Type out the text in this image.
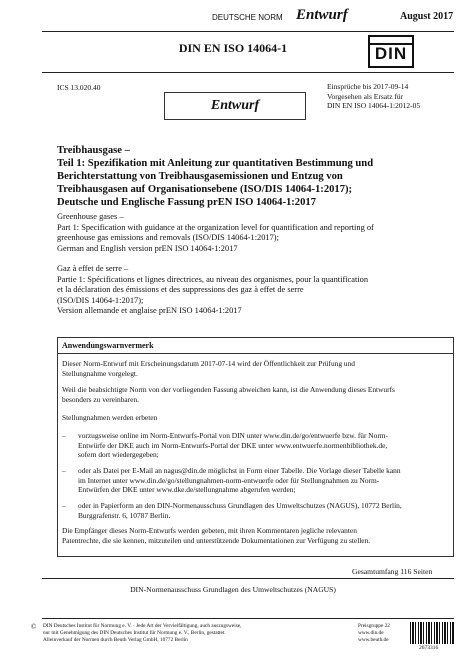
DEUTSCHE NORM Entwurf	August 2017
DIN EN ISO 14064-1	DIN
ICS 13.020.40	Einsprüche bis 2017-09-14
Vorgesehen als Ersatz für
DIN EN ISO 14064-1:2012-05
Entwurf
Treibhausgase –
Teil 1: Spezifikation mit Anleitung zur quantitativen Bestimmung und
Berichterstattung von Treibhausgasemissionen und Entzug von
Treibhausgasen auf Organisationsebene (ISO/DIS 14064-1:2017);
Deutsche und Englische Fassung prEN ISO 14064-1:2017
Greenhouse gases –
Part 1: Specification with guidance at the organization level for quantification and reporting of
greenhouse gas emissions and removals (ISO/DIS 14064-1:2017);
German and English version prEN ISO 14064-1:2017
Gaz à effet de serre –
Partie 1: Spécifications et lignes directrices, au niveau des organismes, pour la quantification
et la déclaration des émissions et des suppressions des gaz à effet de serre
(ISO/DIS 14064-1:2017);
Version allemande et anglaise prEN ISO 14064-1:2017
Anwendungswarnvermerk
Dieser Norm-Entwurf mit Erscheinungsdatum 2017-07-14 wird der Öffentlichkeit zur Prüfung und
Stellungnahme vorgelegt.
Weil die beabsichtigte Norm von der vorliegenden Fassung abweichen kann, ist die Anwendung dieses Entwurfs
besonders zu vereinbaren.
Stellungnahmen werden erbeten
– vorzugsweise online im Norm-Entwurfs-Portal von DIN unter www.din.de/go/entwuerfe bzw. für Norm-
Entwürfe der DKE auch im Norm-Entwurfs-Portal der DKE unter www.entwuerfe.normenbibliothek.de,
sofern dort wiedergegeben;
– oder als Datei per E-Mail an nagus@din.de möglichst in Form einer Tabelle. Die Vorlage dieser Tabelle kann
im Internet unter www.din.de/go/stellungnahmen-norm-entwuerfe oder für Stellungnahmen zu Norm-
Entwürfen der DKE unter www.dke.de/stellungnahme abgerufen werden;
– oder in Papierform an den DIN-Normenausschuss Grundlagen des Umweltschutzes (NAGUS), 10772 Berlin,
Burggrafenstr. 6, 10787 Berlin.
Die Empfänger dieses Norm-Entwurfs werden gebeten, mit ihren Kommentaren jegliche relevanten
Patentrechte, die sie kennen, mitzuteilen und unterstützende Dokumentationen zur Verfügung zu stellen.
Gesamtumfang 116 Seiten
DIN-Normenausschuss Grundlagen des Umweltschutzes (NAGUS)
© DIN Deutsches Institut für Normung e. V. · Jede Art der Vervielfältigung, auch auszugsweise,
nur mit Genehmigung des DIN Deutsches Institut für Normung e. V., Berlin, gestattet.
Alleinverkauf der Normen durch Beuth Verlag GmbH, 10772 Berlin
Preisgruppe 22
www.din.de
www.beuth.de
2673316
